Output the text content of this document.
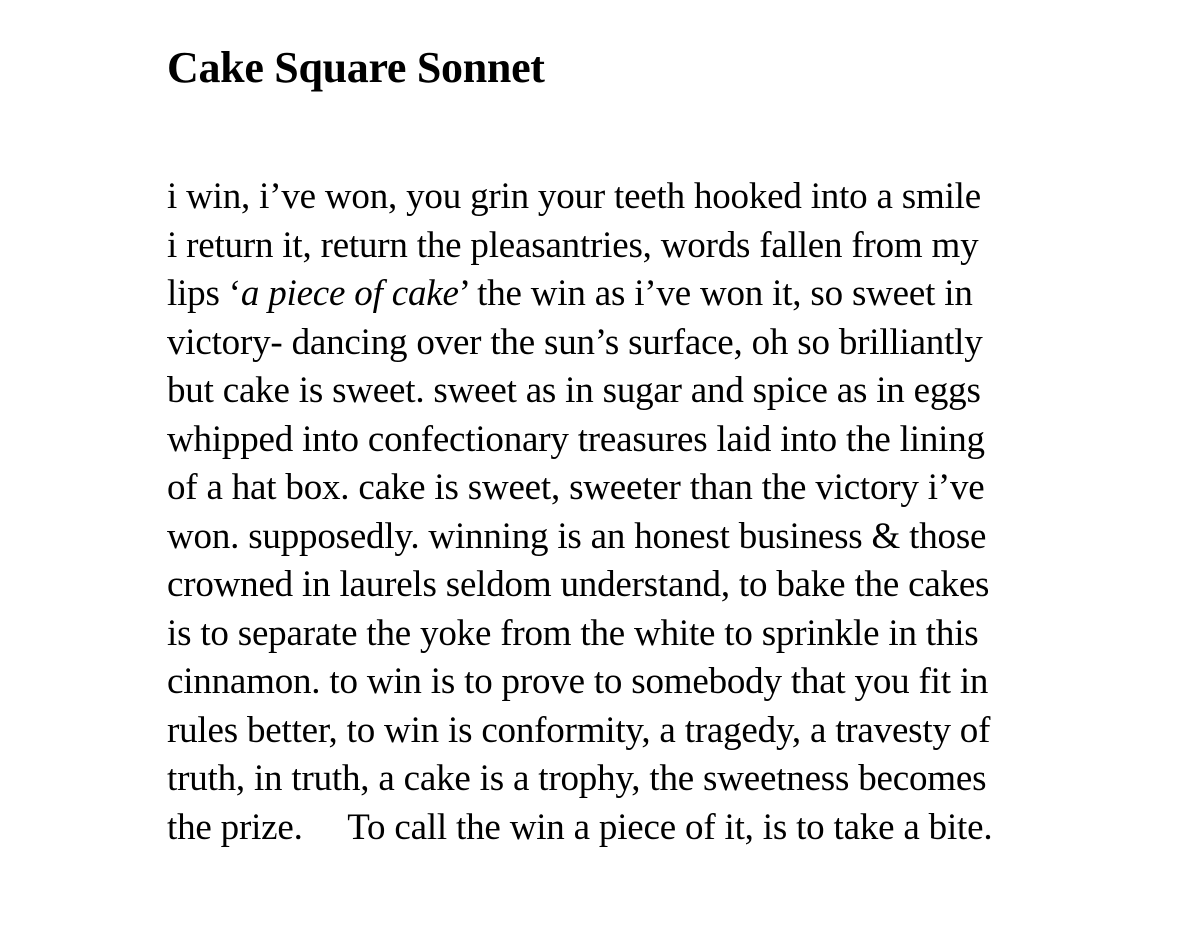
Cake Square Sonnet
i win, i’ve won, you grin your teeth hooked into a smile
i return it, return the pleasantries, words fallen from my
lips ‘a piece of cake’ the win as i’ve won it, so sweet in
victory- dancing over the sun’s surface, oh so brilliantly
but cake is sweet. sweet as in sugar and spice as in eggs
whipped into confectionary treasures laid into the lining
of a hat box. cake is sweet, sweeter than the victory i’ve
won. supposedly. winning is an honest business & those
crowned in laurels seldom understand, to bake the cakes
is to separate the yoke from the white to sprinkle in this
cinnamon. to win is to prove to somebody that you fit in
rules better, to win is conformity, a tragedy, a travesty of
truth, in truth, a cake is a trophy, the sweetness becomes
the prize.     To call the win a piece of it, is to take a bite.
